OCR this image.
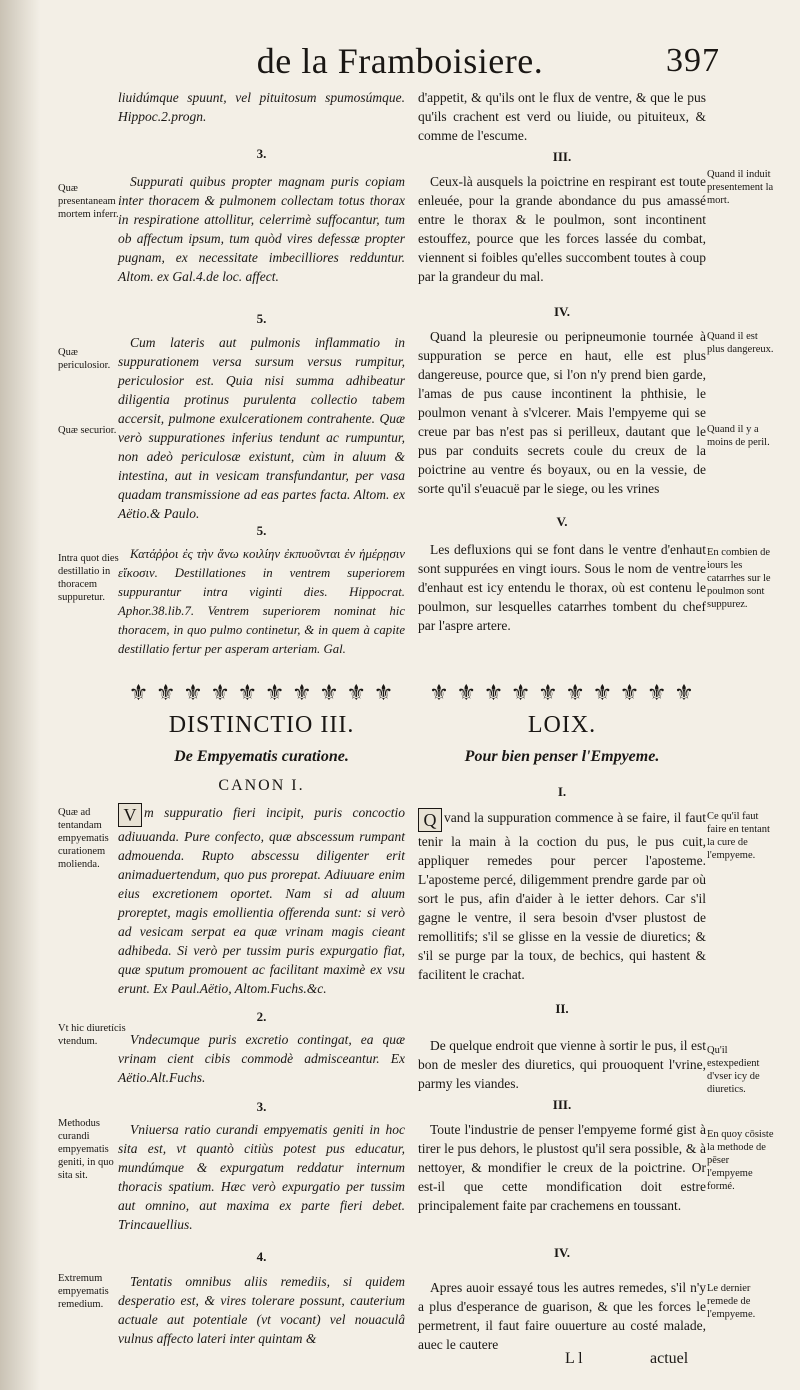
de la Framboisiere.	397
liuidúmque spuunt, vel pituitosum spumosúmque. Hippoc.2.progn.
3.
Suppurati quibus propter magnam puris copiam inter thoracem & pulmonem collectam totus thorax in respiratione attollitur, celerrimè suffocantur, tum ob affectum ipsum, tum quòd vires defessæ propter pugnam, ex necessitate imbecilliores redduntur. Altom. ex Gal.4.de loc. affect.
5.
Cum lateris aut pulmonis inflammatio in suppurationem versa sursum versus rumpitur, periculosior est. Quia nisi summa adhibeatur diligentia protinus purulenta collectio tabem accersit, pulmone exulcerationem contrahente. Quæ verò suppurationes inferius tendunt ac rumpuntur, non adeò periculosæ existunt, cùm in aluum & intestina, aut in vesicam transfundantur, per vasa quadam transmissione ad eas partes facta. Altom. ex Aëtio.& Paulo.
5.
Κατάῤῥοι ἐς τὴν ἄνω κοιλίην ἐκπυοῦνται ἐν ἡμέρῃσιν εἴκοσιν. Destillationes in ventrem superiorem suppurantur intra viginti dies. Hippocrat. Aphor.38.lib.7. Ventrem superiorem nominat hic thoracem, in quo pulmo continetur, & in quem à capite destillatio fertur per asperam arteriam. Gal.
⚜ ⚜ ⚜ ⚜ ⚜ ⚜ ⚜ ⚜ ⚜ ⚜
DISTINCTIO III.
De Empyematis curatione.
CANON I.
V m suppuratio fieri incipit, puris concoctio adiuuanda. Pure confecto, quæ abscessum rumpant admouenda. Rupto abscessu diligenter erit animaduertendum, quo pus prorepat. Adiuuare enim eius excretionem oportet. Nam si ad aluum proreptet, magis emollientia offerenda sunt: si verò ad vesicam serpat ea quæ vrinam magis cieant adhibeda. Si verò per tussim puris expurgatio fiat, quæ sputum promouent ac facilitant maximè ex vsu erunt. Ex Paul.Aëtio, Altom.Fuchs.&c.
2.
Vndecumque puris excretio contingat, ea quæ vrinam cient cibis commodè admisceantur. Ex Aëtio.Alt.Fuchs.
3.
Vniuersa ratio curandi empyematis geniti in hoc sita est, vt quantò citiùs potest pus educatur, mundúmque & expurgatum reddatur internum thoracis spatium. Hæc verò expurgatio per tussim aut omnino, aut maxima ex parte fieri debet. Trincauellius.
4.
Tentatis omnibus aliis remediis, si quidem desperatio est, & vires tolerare possunt, cauterium actuale aut potentiale (vt vocant) vel nouaculâ vulnus affecto lateri inter quintam &
d'appetit, & qu'ils ont le flux de ventre, & que le pus qu'ils crachent est verd ou liuide, ou pituiteux, & comme de l'escume.
III.
Ceux-là ausquels la poictrine en respirant est toute enleuée, pour la grande abondance du pus amassé entre le thorax & le poulmon, sont incontinent estouffez, pource que les forces lassée du combat, viennent si foibles qu'elles succombent toutes à coup par la grandeur du mal.
IV.
Quand la pleuresie ou peripneumonie tournée à suppuration se perce en haut, elle est plus dangereuse, pource que, si l'on n'y prend bien garde, l'amas de pus cause incontinent la phthisie, le poulmon venant à s'vlcerer. Mais l'empyeme qui se creue par bas n'est pas si perilleux, dautant que le pus par conduits secrets coule du creux de la poictrine au ventre és boyaux, ou en la vessie, de sorte qu'il s'euacuë par le siege, ou les vrines
V.
Les defluxions qui se font dans le ventre d'enhaut sont suppurées en vingt iours. Sous le nom de ventre d'enhaut est icy entendu le thorax, où est contenu le poulmon, sur lesquelles catarrhes tombent du chef par l'aspre artere.
⚜ ⚜ ⚜ ⚜ ⚜ ⚜ ⚜ ⚜ ⚜ ⚜
LOIX.
Pour bien penser l'Empyeme.
I.
Q vand la suppuration commence à se faire, il faut tenir la main à la coction du pus, le pus cuit, appliquer remedes pour percer l'aposteme. L'aposteme percé, diligemment prendre garde par où sort le pus, afin d'aider à le ietter dehors. Car s'il gagne le ventre, il sera besoin d'vser plustost de remollitifs; s'il se glisse en la vessie de diuretics; & s'il se purge par la toux, de bechics, qui hastent & facilitent le crachat.
II.
De quelque endroit que vienne à sortir le pus, il est bon de mesler des diuretics, qui prouoquent l'vrine, parmy les viandes.
III.
Toute l'industrie de penser l'empyeme formé gist à tirer le pus dehors, le plustost qu'il sera possible, & à nettoyer, & mondifier le creux de la poictrine. Or est-il que cette mondification doit estre principalement faite par crachemens en toussant.
IV.
Apres auoir essayé tous les autres remedes, s'il n'y a plus d'esperance de guarison, & que les forces le permetrent, il faut faire ouuerture au costé malade, auec le cautere
L l	actuel
Quæ presentaneam mortem inferr.
Quæ periculosior.
Quæ securior.
Intra quot dies destillatio in thoracem suppuretur.
Quæ ad tentandam empyematis curationem molienda.
Vt hic diuretícis vtendum.
Methodus curandi empyematis geniti, in quo sita sit.
Extremum empyematis remedium.
Quand il induit presentement la mort.
Quand il est plus dangereux.
Quand il y a moins de peril.
En combien de iours les catarrhes sur le poulmon sont suppurez.
Ce qu'il faut faire en tentant la cure de l'empyeme.
Qu'il estexpedient d'vser icy de diuretics.
En quoy cōsiste la methode de pēser l'empyeme formé.
Le dernier remede de l'empyeme.
